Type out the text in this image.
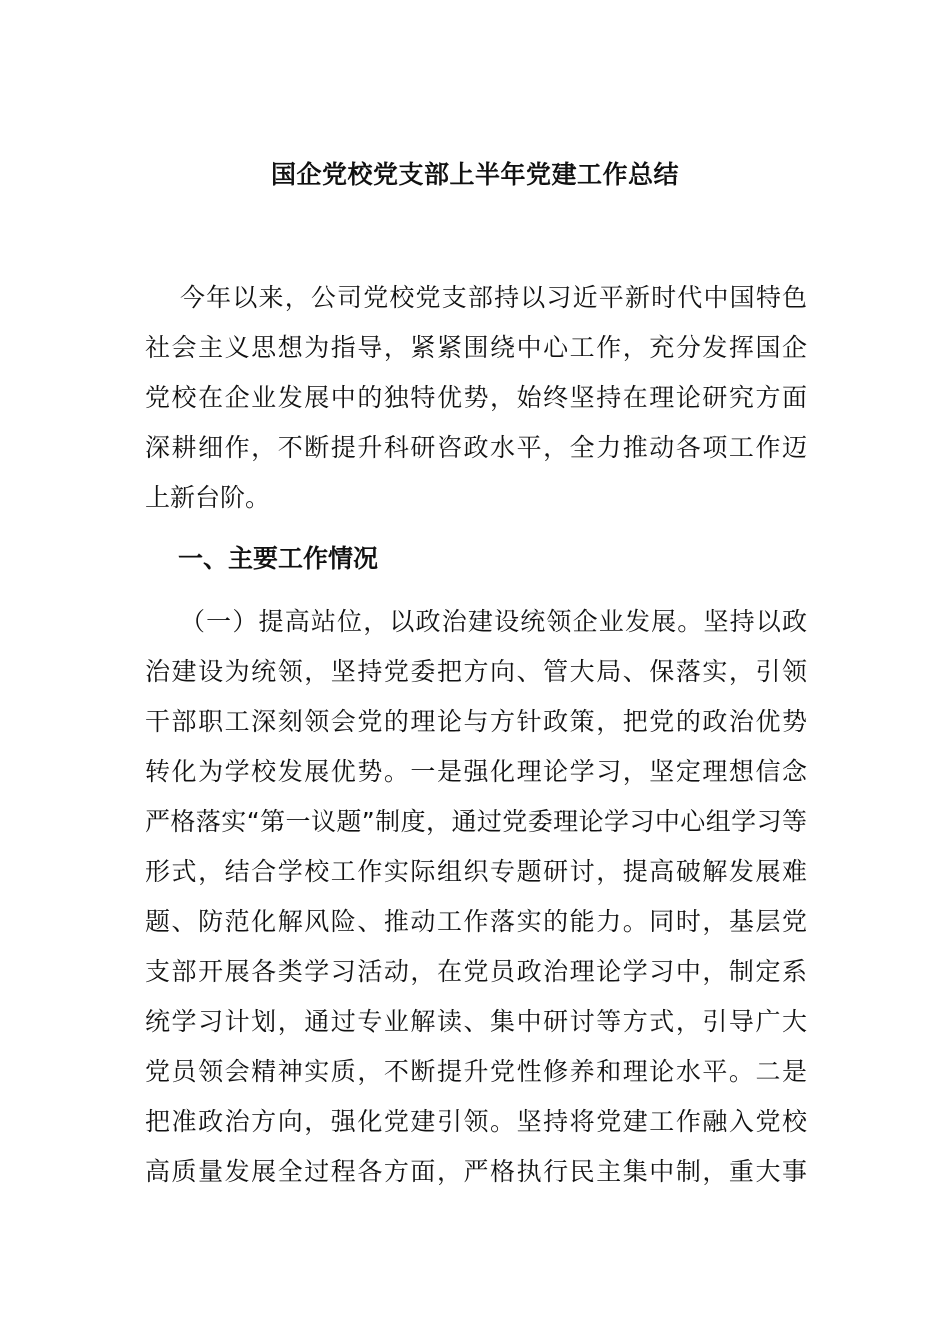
国企党校党支部上半年党建工作总结
今年以来，公司党校党支部持以习近平新时代中国特色
社会主义思想为指导，紧紧围绕中心工作，充分发挥国企
党校在企业发展中的独特优势，始终坚持在理论研究方面
深耕细作，不断提升科研咨政水平，全力推动各项工作迈
上新台阶。
一、主要工作情况
（一）提高站位，以政治建设统领企业发展。坚持以政
治建设为统领，坚持党委把方向、管大局、保落实，引领
干部职工深刻领会党的理论与方针政策，把党的政治优势
转化为学校发展优势。一是强化理论学习，坚定理想信念
严格落实“第一议题”制度，通过党委理论学习中心组学习等
形式，结合学校工作实际组织专题研讨，提高破解发展难
题、防范化解风险、推动工作落实的能力。同时，基层党
支部开展各类学习活动，在党员政治理论学习中，制定系
统学习计划，通过专业解读、集中研讨等方式，引导广大
党员领会精神实质，不断提升党性修养和理论水平。二是
把准政治方向，强化党建引领。坚持将党建工作融入党校
高质量发展全过程各方面，严格执行民主集中制，重大事
